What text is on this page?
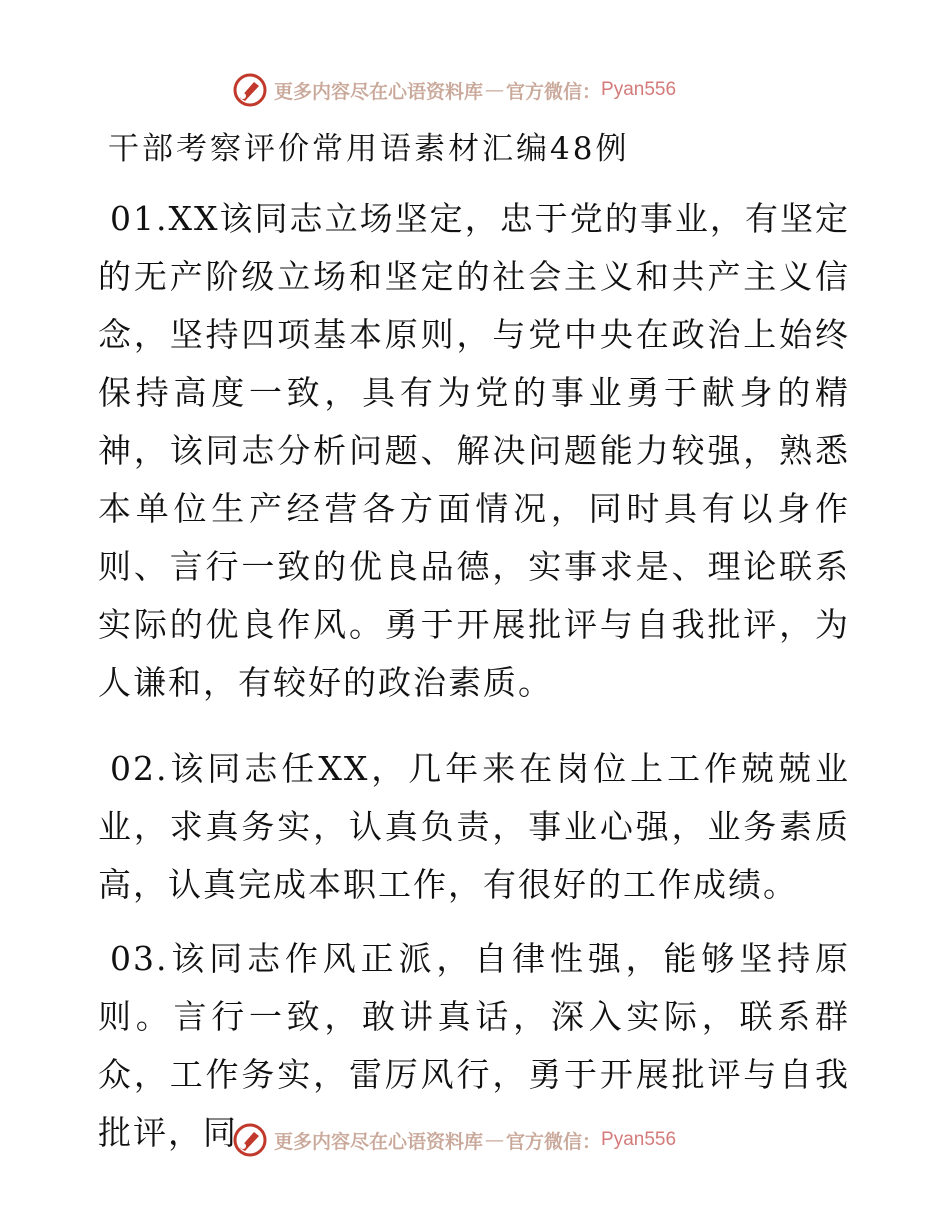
更多内容尽在心语资料库 — 官方微信： Pyan556
干部考察评价常用语素材汇编48例

01.XX该同志立场坚定，忠于党的事业，有坚定的无产阶级立场和坚定的社会主义和共产主义信念，坚持四项基本原则，与党中央在政治上始终保持高度一致，具有为党的事业勇于献身的精神，该同志分析问题、解决问题能力较强，熟悉本单位生产经营各方面情况，同时具有以身作则、言行一致的优良品德，实事求是、理论联系实际的优良作风。勇于开展批评与自我批评，为人谦和，有较好的政治素质。

02.该同志任XX，几年来在岗位上工作兢兢业业，求真务实，认真负责，事业心强，业务素质高，认真完成本职工作，有很好的工作成绩。

03.该同志作风正派，自律性强，能够坚持原则。言行一致，敢讲真话，深入实际，联系群众，工作务实，雷厉风行，勇于开展批评与自我批评，同	更多内容尽在心语资料库 — 官方微信： Pyan556
